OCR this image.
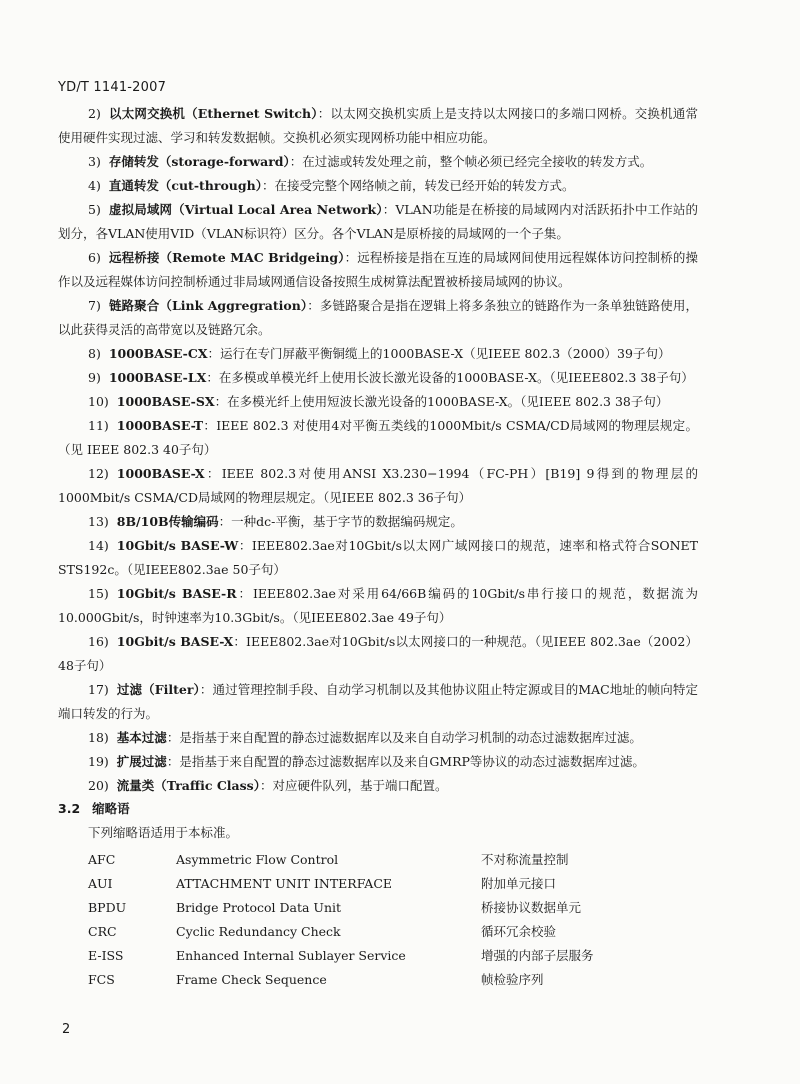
YD/T 1141-2007

2) 以太网交换机（Ethernet Switch）：以太网交换机实质上是支持以太网接口的多端口网桥。交换机通常使用硬件实现过滤、学习和转发数据帧。交换机必须实现网桥功能中相应功能。

3) 存储转发（storage-forward）：在过滤或转发处理之前，整个帧必须已经完全接收的转发方式。

4) 直通转发（cut-through）：在接受完整个网络帧之前，转发已经开始的转发方式。

5) 虚拟局域网（Virtual Local Area Network）：VLAN功能是在桥接的局域网内对活跃拓扑中工作站的划分，各VLAN使用VID（VLAN标识符）区分。各个VLAN是原桥接的局域网的一个子集。

6) 远程桥接（Remote MAC Bridgeing）：远程桥接是指在互连的局域网间使用远程媒体访问控制桥的操作以及远程媒体访问控制桥通过非局域网通信设备按照生成树算法配置被桥接局域网的协议。

7) 链路聚合（Link Aggregration）：多链路聚合是指在逻辑上将多条独立的链路作为一条单独链路使用，以此获得灵活的高带宽以及链路冗余。

8) 1000BASE-CX：运行在专门屏蔽平衡铜缆上的1000BASE-X（见IEEE 802.3（2000）39子句）

9) 1000BASE-LX：在多模或单模光纤上使用长波长激光设备的1000BASE-X。（见IEEE802.3 38子句）

10) 1000BASE-SX：在多模光纤上使用短波长激光设备的1000BASE-X。（见IEEE 802.3 38子句）

11) 1000BASE-T：IEEE 802.3 对使用4对平衡五类线的1000Mbit/s CSMA/CD局域网的物理层规定。（见 IEEE 802.3 40子句）

12) 1000BASE-X：IEEE 802.3对使用ANSI X3.230−1994（FC-PH）[B19] 9得到的物理层的1000Mbit/s CSMA/CD局域网的物理层规定。（见IEEE 802.3 36子句）

13) 8B/10B传输编码：一种dc-平衡，基于字节的数据编码规定。

14) 10Gbit/s BASE-W：IEEE802.3ae对10Gbit/s以太网广域网接口的规范，速率和格式符合SONET STS192c。（见IEEE802.3ae 50子句）

15) 10Gbit/s BASE-R：IEEE802.3ae对采用64/66B编码的10Gbit/s串行接口的规范，数据流为10.000Gbit/s，时钟速率为10.3Gbit/s。（见IEEE802.3ae 49子句）

16) 10Gbit/s BASE-X：IEEE802.3ae对10Gbit/s以太网接口的一种规范。（见IEEE 802.3ae（2002）48子句）

17) 过滤（Filter）：通过管理控制手段、自动学习机制以及其他协议阻止特定源或目的MAC地址的帧向特定端口转发的行为。

18) 基本过滤：是指基于来自配置的静态过滤数据库以及来自自动学习机制的动态过滤数据库过滤。

19) 扩展过滤：是指基于来自配置的静态过滤数据库以及来自GMRP等协议的动态过滤数据库过滤。

20) 流量类（Traffic Class）：对应硬件队列，基于端口配置。

3.2 缩略语

下列缩略语适用于本标准。

AFC	Asymmetric Flow Control	不对称流量控制
AUI	ATTACHMENT UNIT INTERFACE	附加单元接口
BPDU	Bridge Protocol Data Unit	桥接协议数据单元
CRC	Cyclic Redundancy Check	循环冗余校验
E-ISS	Enhanced Internal Sublayer Service	增强的内部子层服务
FCS	Frame Check Sequence	帧检验序列
2
